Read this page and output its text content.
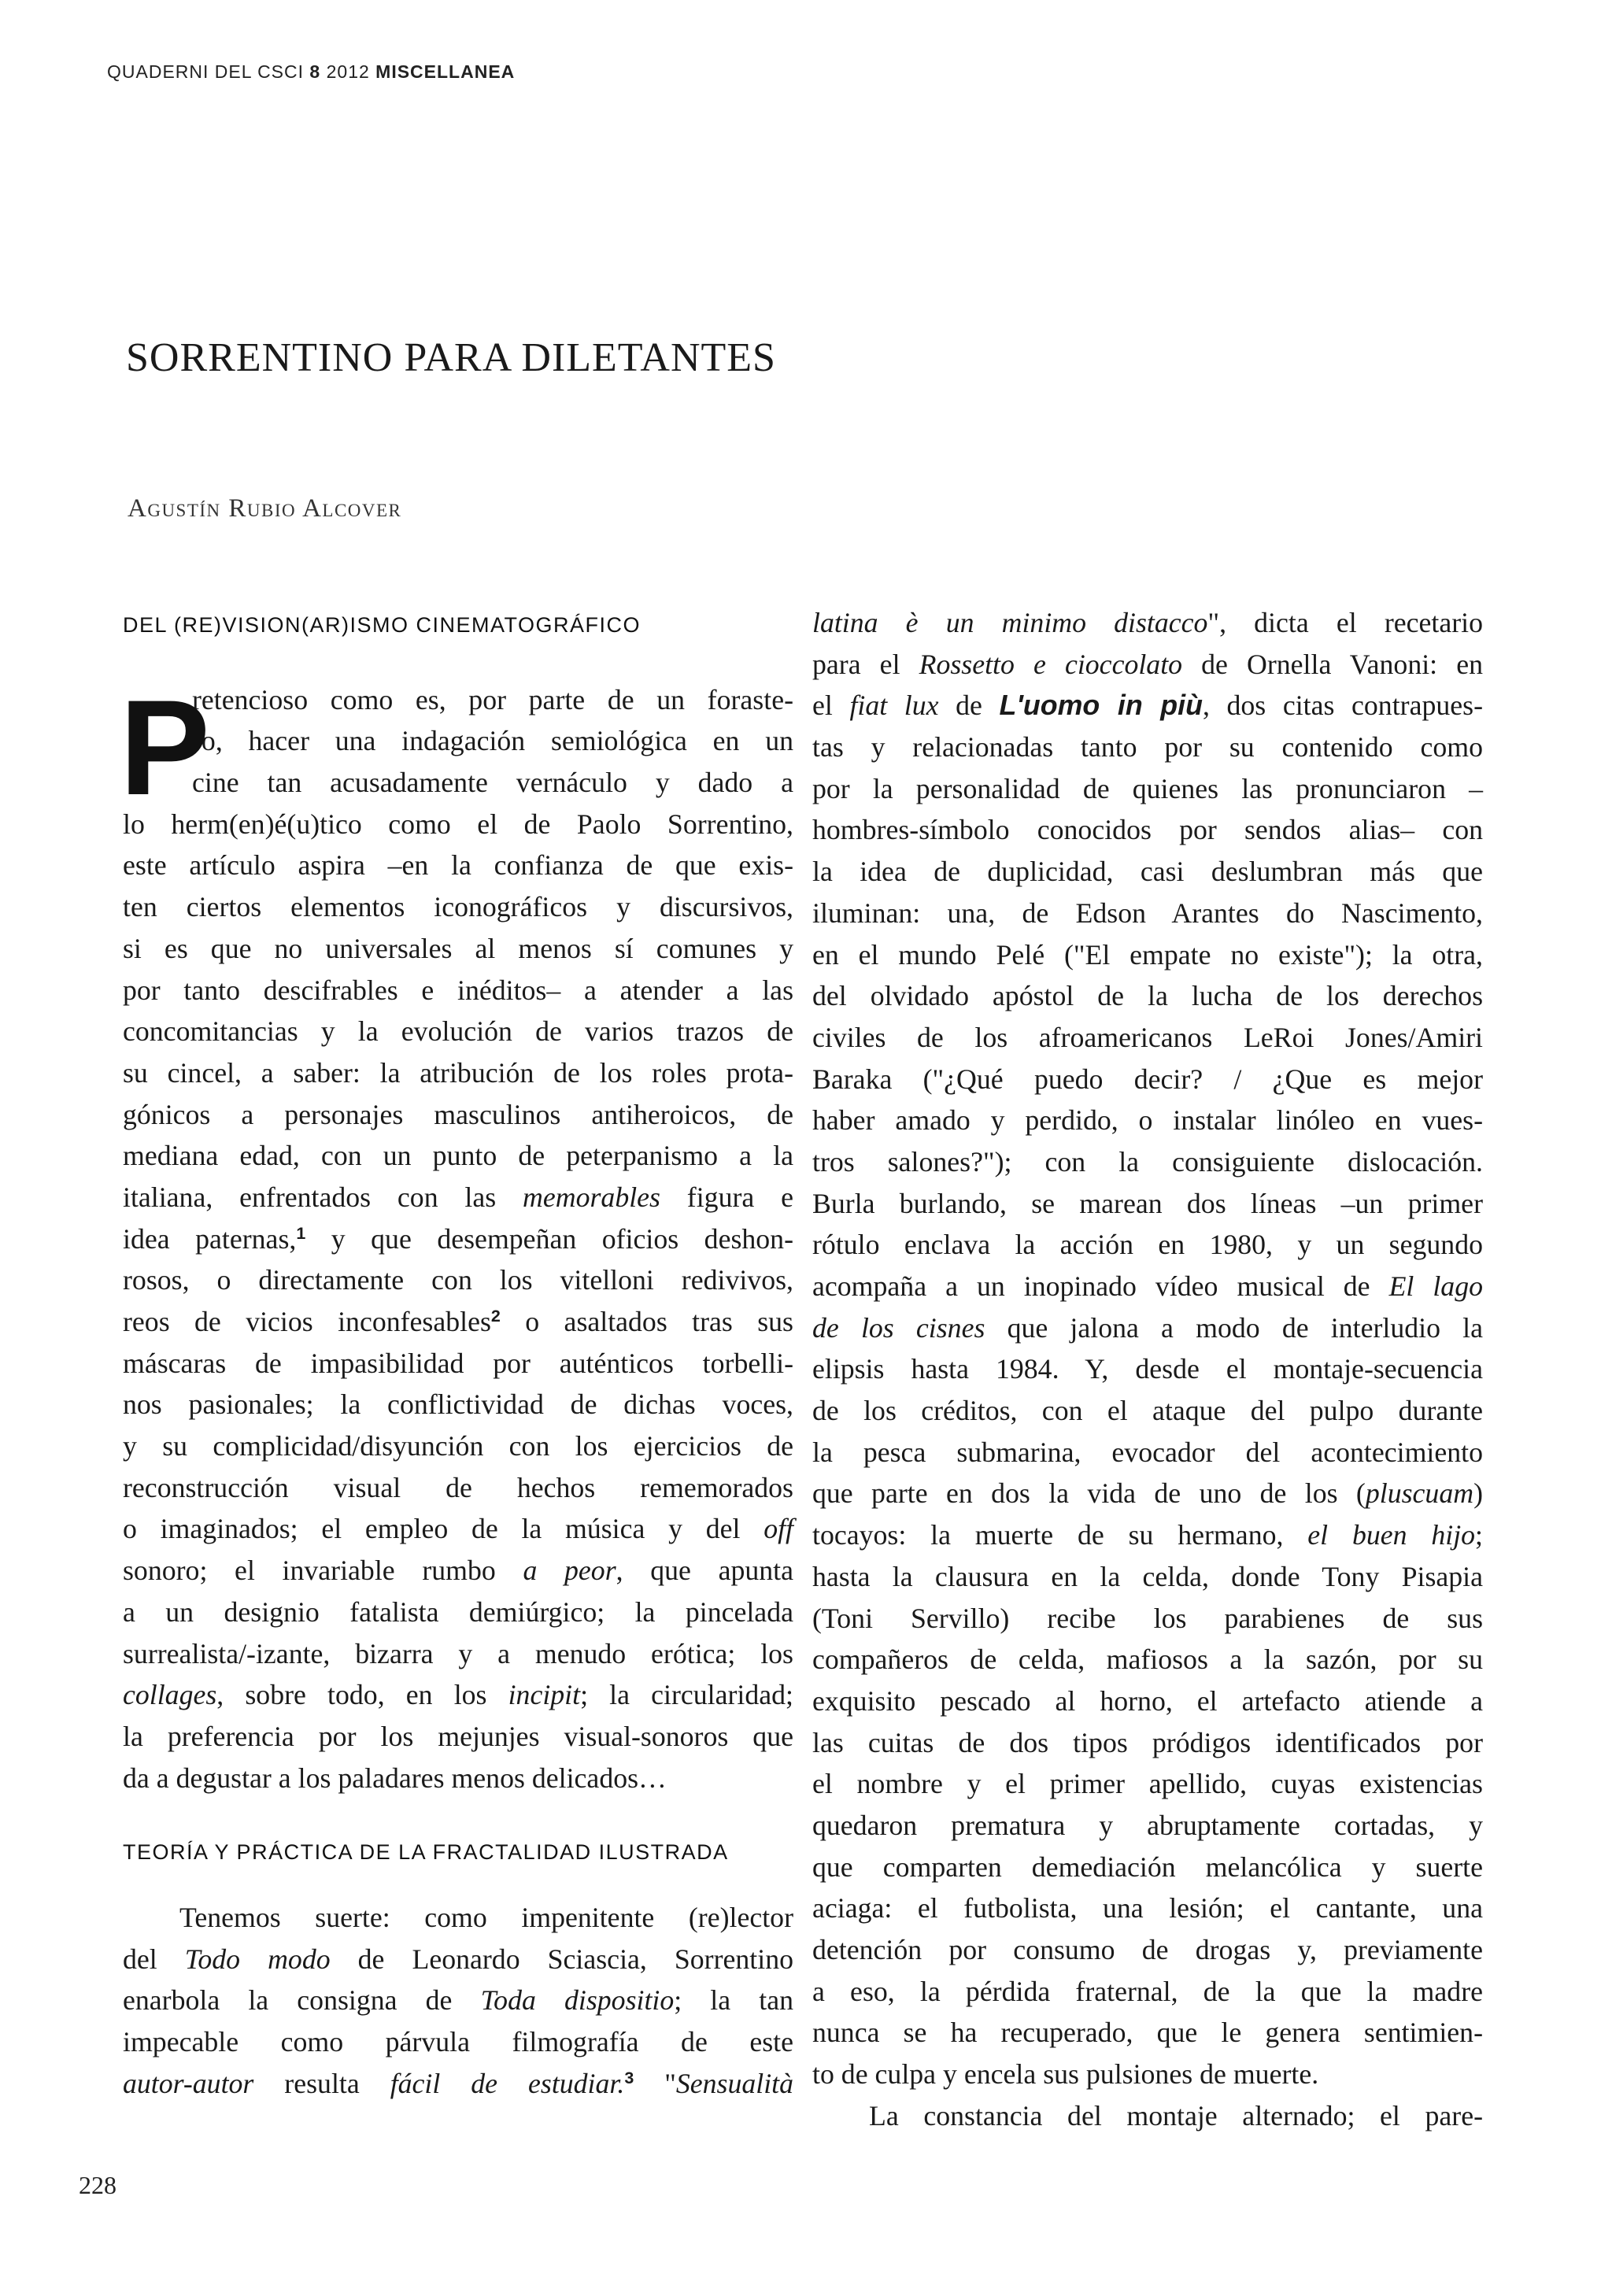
QUADERNI DEL CSCI 8 2012 MISCELLANEA
SORRENTINO PARA DILETANTES
Agustín Rubio Alcover
DEL (RE)VISION(AR)ISMO CINEMATOGRÁFICO
P
retencioso como es, por parte de un foraste-
ro, hacer una indagación semiológica en un
cine tan acusadamente vernáculo y dado a
lo herm(en)é(u)tico como el de Paolo Sorrentino,
este artículo aspira –en la confianza de que exis-
ten ciertos elementos iconográficos y discursivos,
si es que no universales al menos sí comunes y
por tanto descifrables e inéditos– a atender a las
concomitancias y la evolución de varios trazos de
su cincel, a saber: la atribución de los roles prota-
gónicos a personajes masculinos antiheroicos, de
mediana edad, con un punto de peterpanismo a la
italiana, enfrentados con las memorables figura e
idea paternas,$^1$ y que desempeñan oficios deshon-
rosos, o directamente con los vitelloni redivivos,
reos de vicios inconfesables$^2$ o asaltados tras sus
máscaras de impasibilidad por auténticos torbelli-
nos pasionales; la conflictividad de dichas voces,
y su complicidad/disyunción con los ejercicios de
reconstrucción visual de hechos rememorados
o imaginados; el empleo de la música y del off
sonoro; el invariable rumbo a peor, que apunta
a un designio fatalista demiúrgico; la pincelada
surrealista/-izante, bizarra y a menudo erótica; los
collages, sobre todo, en los incipit; la circularidad;
la preferencia por los mejunjes visual-sonoros que
da a degustar a los paladares menos delicados…
TEORÍA Y PRÁCTICA DE LA FRACTALIDAD ILUSTRADA
Tenemos suerte: como impenitente (re)lector
del Todo modo de Leonardo Sciascia, Sorrentino
enarbola la consigna de Toda dispositio; la tan
impecable como párvula filmografía de este
autor-autor resulta fácil de estudiar.$^3$ "Sensualità
latina è un minimo distacco", dicta el recetario
para el Rossetto e cioccolato de Ornella Vanoni: en
el fiat lux de L'uomo in più, dos citas contrapues-
tas y relacionadas tanto por su contenido como
por la personalidad de quienes las pronunciaron –
hombres-símbolo conocidos por sendos alias– con
la idea de duplicidad, casi deslumbran más que
iluminan: una, de Edson Arantes do Nascimento,
en el mundo Pelé ("El empate no existe"); la otra,
del olvidado apóstol de la lucha de los derechos
civiles de los afroamericanos LeRoi Jones/Amiri
Baraka ("¿Qué puedo decir? / ¿Que es mejor
haber amado y perdido, o instalar linóleo en vues-
tros salones?"); con la consiguiente dislocación.
Burla burlando, se marean dos líneas –un primer
rótulo enclava la acción en 1980, y un segundo
acompaña a un inopinado vídeo musical de El lago
de los cisnes que jalona a modo de interludio la
elipsis hasta 1984. Y, desde el montaje-secuencia
de los créditos, con el ataque del pulpo durante
la pesca submarina, evocador del acontecimiento
que parte en dos la vida de uno de los (pluscuam)
tocayos: la muerte de su hermano, el buen hijo;
hasta la clausura en la celda, donde Tony Pisapia
(Toni Servillo) recibe los parabienes de sus
compañeros de celda, mafiosos a la sazón, por su
exquisito pescado al horno, el artefacto atiende a
las cuitas de dos tipos pródigos identificados por
el nombre y el primer apellido, cuyas existencias
quedaron prematura y abruptamente cortadas, y
que comparten demediación melancólica y suerte
aciaga: el futbolista, una lesión; el cantante, una
detención por consumo de drogas y, previamente
a eso, la pérdida fraternal, de la que la madre
nunca se ha recuperado, que le genera sentimien-
to de culpa y encela sus pulsiones de muerte.
La constancia del montaje alternado; el pare-
228
